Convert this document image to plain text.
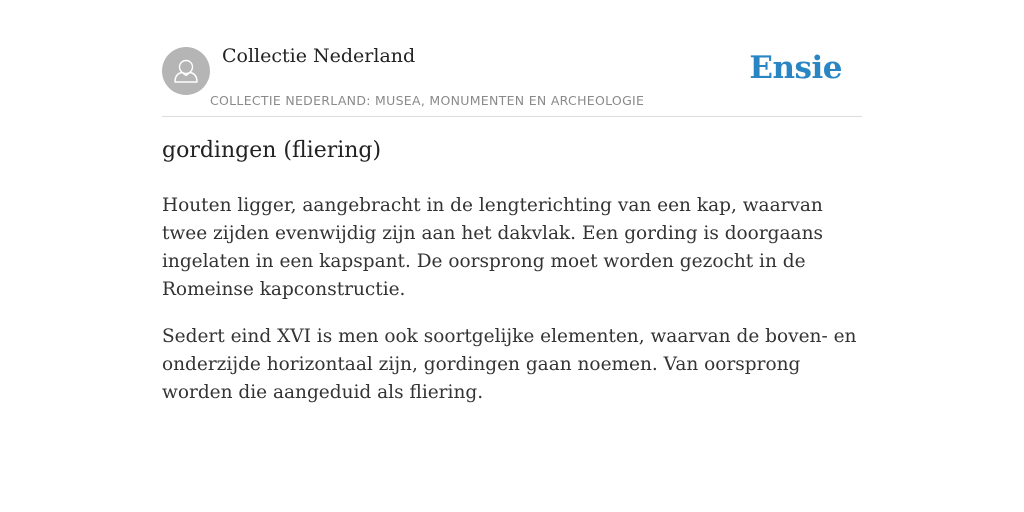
Collectie Nederland
COLLECTIE NEDERLAND: MUSEA, MONUMENTEN EN ARCHEOLOGIE
Ensie
gordingen (fliering)

Houten ligger, aangebracht in de lengterichting van een kap, waarvan twee zijden evenwijdig zijn aan het dakvlak. Een gording is doorgaans ingelaten in een kapspant. De oorsprong moet worden gezocht in de Romeinse kapconstructie.

Sedert eind XVI is men ook soortgelijke elementen, waarvan de boven- en onderzijde horizontaal zijn, gordingen gaan noemen. Van oorsprong worden die aangeduid als fliering.
